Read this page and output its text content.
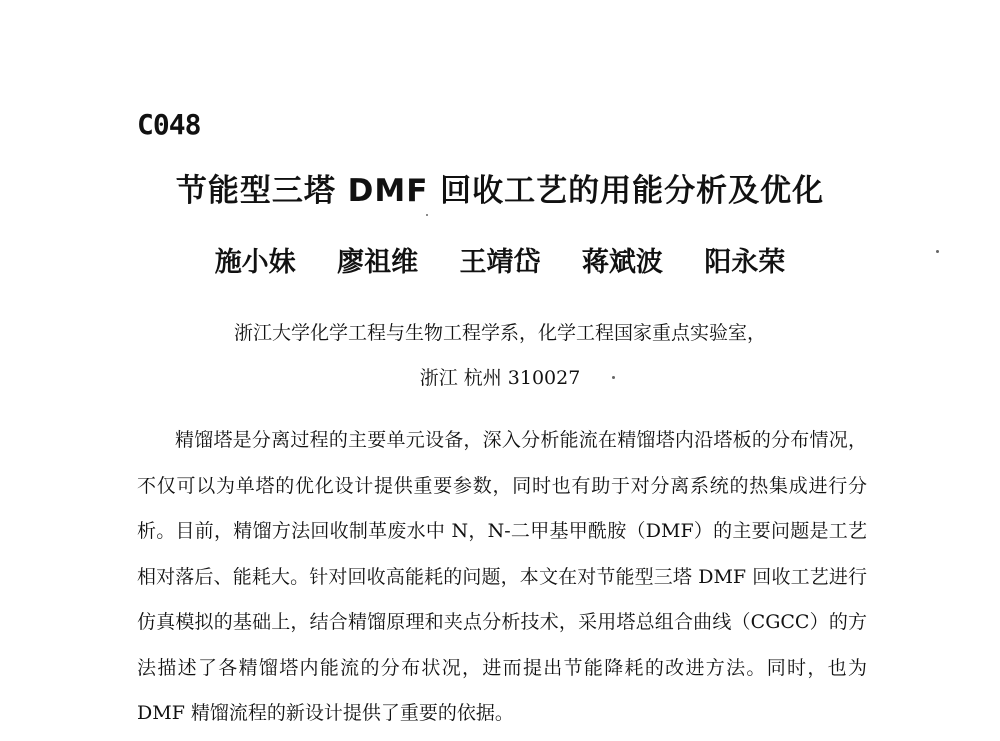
C048
节能型三塔 DMF 回收工艺的用能分析及优化
施小妹 廖祖维 王靖岱 蒋斌波 阳永荣
浙江大学化学工程与生物工程学系，化学工程国家重点实验室，
浙江 杭州 310027

精馏塔是分离过程的主要单元设备，深入分析能流在精馏塔内沿塔板的分布情况，不仅可以为单塔的优化设计提供重要参数，同时也有助于对分离系统的热集成进行分析。目前，精馏方法回收制革废水中 N，N-二甲基甲酰胺（DMF）的主要问题是工艺相对落后、能耗大。针对回收高能耗的问题，本文在对节能型三塔 DMF 回收工艺进行仿真模拟的基础上，结合精馏原理和夹点分析技术，采用塔总组合曲线（CGCC）的方法描述了各精馏塔内能流的分布状况，进而提出节能降耗的改进方法。同时，也为 DMF 精馏流程的新设计提供了重要的依据。
